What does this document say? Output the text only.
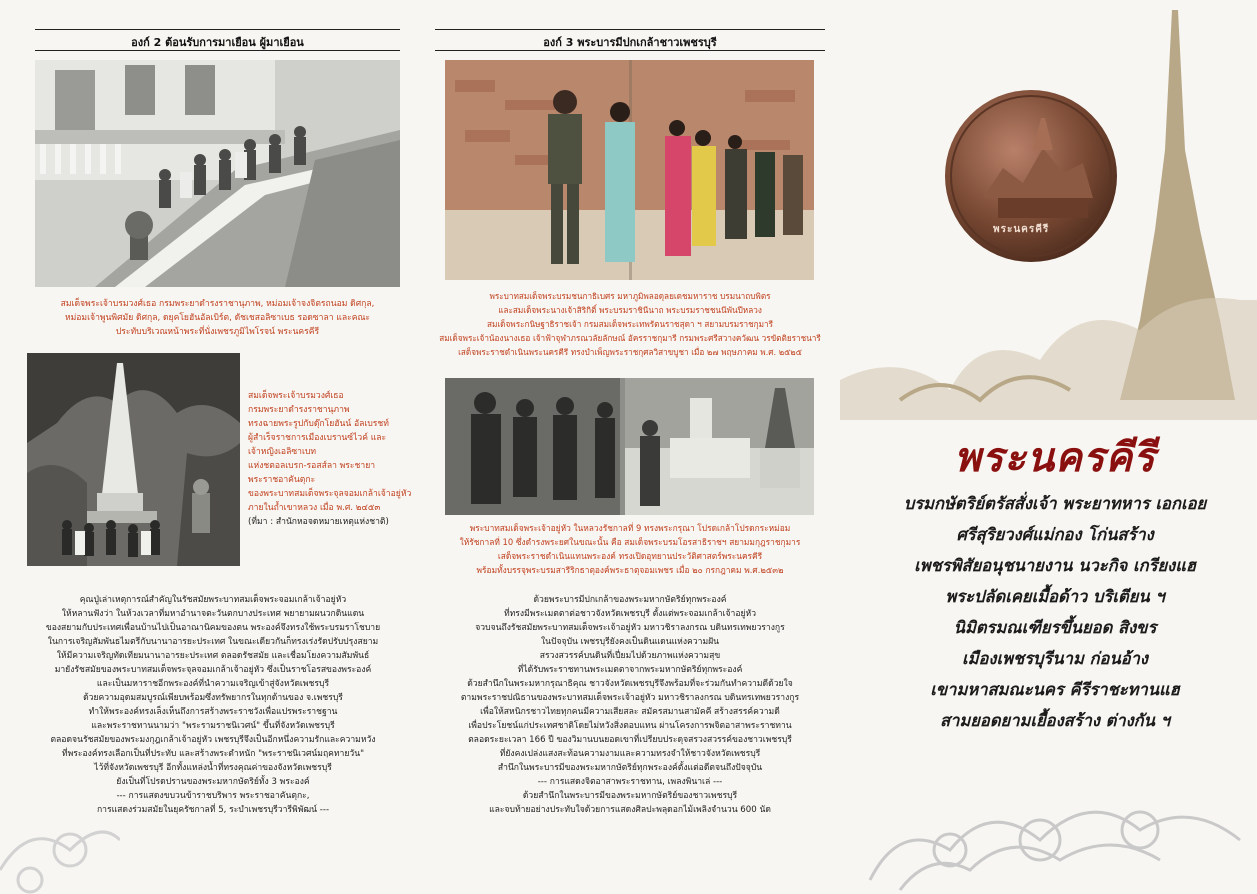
องก์ 2 ต้อนรับการมาเยือน ผู้มาเยือน
สมเด็จพระเจ้าบรมวงศ์เธอ กรมพระยาดำรงราชานุภาพ, หม่อมเจ้าจงจิตรถนอม ดิศกุล,
หม่อมเจ้าพูนพิศมัย ดิศกุล, ดยุคโยฮันอัลเบิร์ต, ดัชเชสอลิซาเบธ รอดซาลา และคณะ
ประทับบริเวณหน้าพระที่นั่งเพชรภูมิไพโรจน์ พระนครคีรี
สมเด็จพระเจ้าบรมวงศ์เธอ
กรมพระยาดำรงราชานุภาพ
ทรงฉายพระรูปกับดุ๊กโยฮันน์ อัลเบรชท์
ผู้สำเร็จราชการเมืองเบรานซ์ไวค์ และ
เจ้าหญิงเอลิซาเบท
แห่งชตอลเบรก-รอสส์ลา พระชายา
พระราชอาคันตุกะ
ของพระบาทสมเด็จพระจุลจอมเกล้าเจ้าอยู่หัว
ภายในถ้ำเขาหลวง เมื่อ พ.ศ. ๒๔๕๓
(ที่มา : สำนักหอจดหมายเหตุแห่งชาติ)
คุณปู่เล่าเหตุการณ์สำคัญในรัชสมัยพระบาทสมเด็จพระจอมเกล้าเจ้าอยู่หัว
ให้หลานฟังว่า ในห้วงเวลาที่มหาอำนาจตะวันตกบางประเทศ พยายามผนวกดินแดน
ของสยามกับประเทศเพื่อนบ้านไปเป็นอาณานิคมของตน พระองค์จึงทรงใช้พระบรมราโชบาย
ในการเจริญสัมพันธไมตรีกับนานาอารยะประเทศ ในขณะเดียวกันก็ทรงเร่งรัดปรับปรุงสยาม
ให้มีความเจริญทัดเทียมนานาอารยะประเทศ ตลอดรัชสมัย และเชื่อมโยงความสัมพันธ์
มายังรัชสมัยของพระบาทสมเด็จพระจุลจอมเกล้าเจ้าอยู่หัว ซึ่งเป็นราชโอรสของพระองค์
และเป็นมหาราชอีกพระองค์ที่นำความเจริญเข้าสู่จังหวัดเพชรบุรี
ด้วยความอุดมสมบูรณ์เพียบพร้อมซึ่งทรัพยากรในทุกด้านของ จ.เพชรบุรี
ทำให้พระองค์ทรงเล็งเห็นถึงการสร้างพระราชวังเพื่อแปรพระราชฐาน
และพระราชทานนามว่า "พระรามราชนิเวศน์" ขึ้นที่จังหวัดเพชรบุรี
ตลอดจนรัชสมัยของพระมงกุฎเกล้าเจ้าอยู่หัว เพชรบุรีจึงเป็นอีกหนึ่งความรักและความหวัง
ที่พระองค์ทรงเลือกเป็นที่ประทับ และสร้างพระตำหนัก "พระราชนิเวศน์มฤคทายวัน"
ไว้ที่จังหวัดเพชรบุรี อีกทั้งแหล่งน้ำที่ทรงคุณค่าของจังหวัดเพชรบุรี
ยังเป็นที่โปรดปรานของพระมหากษัตริย์ทั้ง 3 พระองค์
--- การแสดงขบวนข้าราชบริพาร พระราชอาคันตุกะ,
การแสดงร่วมสมัยในยุครัชกาลที่ 5, ระบำเพชรบุรีวารีพิพัฒน์ ---
องก์ 3 พระบารมีปกเกล้าชาวเพชรบุรี
พระบาทสมเด็จพระบรมชนกาธิเบศร มหาภูมิพลอดุลยเดชมหาราช บรมนาถบพิตร
และสมเด็จพระนางเจ้าสิริกิติ์ พระบรมราชินีนาถ พระบรมราชชนนีพันปีหลวง
สมเด็จพระกนิษฐาธิราชเจ้า กรมสมเด็จพระเทพรัตนราชสุดา ฯ สยามบรมราชกุมารี
สมเด็จพระเจ้าน้องนางเธอ เจ้าฟ้าจุฬาภรณวลัยลักษณ์ อัครราชกุมารี กรมพระศรีสวางควัฒน วรขัตติยราชนารี
เสด็จพระราชดำเนินพระนครคีรี ทรงบำเพ็ญพระราชกุศลวิสาขบูชา เมื่อ ๒๗ พฤษภาคม พ.ศ. ๒๕๒๕
พระบาทสมเด็จพระเจ้าอยู่หัว ในหลวงรัชกาลที่ 9 ทรงพระกรุณา โปรดเกล้าโปรดกระหม่อม
ให้รัชกาลที่ 10 ซึ่งดำรงพระยศในขณะนั้น คือ สมเด็จพระบรมโอรสาธิราชฯ สยามมกุฎราชกุมาร
เสด็จพระราชดำเนินแทนพระองค์ ทรงเปิดอุทยานประวัติศาสตร์พระนครคีรี
พร้อมทั้งบรรจุพระบรมสารีริกธาตุองค์พระธาตุจอมเพชร เมื่อ ๒๐ กรกฎาคม พ.ศ.๒๕๓๒
ด้วยพระบารมีปกเกล้าของพระมหากษัตริย์ทุกพระองค์
ที่ทรงมีพระเมตตาต่อชาวจังหวัดเพชรบุรี ตั้งแต่พระจอมเกล้าเจ้าอยู่หัว
จวบจนถึงรัชสมัยพระบาทสมเด็จพระเจ้าอยู่หัว มหาวชิราลงกรณ บดินทรเทพยวรางกูร
ในปัจจุบัน เพชรบุรียังคงเป็นดินแดนแห่งความฝัน
สรวงสวรรค์บนดินที่เปี่ยมไปด้วยภาพแห่งความสุข
ที่ได้รับพระราชทานพระเมตตาจากพระมหากษัตริย์ทุกพระองค์
ด้วยสำนึกในพระมหากรุณาธิคุณ ชาวจังหวัดเพชรบุรีจึงพร้อมที่จะร่วมกันทำความดีด้วยใจ
ตามพระราชปณิธานของพระบาทสมเด็จพระเจ้าอยู่หัว มหาวชิราลงกรณ บดินทรเทพยวรางกูร
เพื่อให้สหนิกรชาวไทยทุกคนมีความเสียสละ สมัครสมานสามัคคี สร้างสรรค์ความดี
เพื่อประโยชน์แก่ประเทศชาติโดยไม่หวังสิ่งตอบแทน ผ่านโครงการพจิตอาสาพระราชทาน
ตลอดระยะเวลา 166 ปี ของวิมานบนยอดเขาที่เปรียบประดุจสรวงสวรรค์ของชาวเพชรบุรี
ที่ยังคงเปล่งแสงสะท้อนความงามและความทรงจำให้ชาวจังหวัดเพชรบุรี
สำนึกในพระบารมีของพระมหากษัตริย์ทุกพระองค์ตั้งแต่อดีตจนถึงปัจจุบัน
--- การแสดงจิตอาสาพระราชทาน, เพลงพินาเล่ ---
ด้วยสำนึกในพระบารมีของพระมหากษัตริย์ของชาวเพชรบุรี
และจบท้ายอย่างประทับใจด้วยการแสดงศิลปะพลุดอกไม้เพลิงจำนวน 600 นัด
พระนครคีรี
พระนครคีรี
บรมกษัตริย์ตรัสสั่งเจ้า พระยาทหาร เอกเอย
ศรีสุริยวงศ์แม่กอง โก่นสร้าง
เพชรพิสัยอนุชนายงาน นวะกิจ เกรียงแฮ
พระปลัดเคยเมื้อด้าว บริเตียน ฯ
นิมิตรมณเฑียรขึ้นยอด สิงขร
เมืองเพชรบุรีนาม ก่อนอ้าง
เขามหาสมณะนคร คีรีราชะทานแฮ
สามยอดยามเยื้องสร้าง ต่างกัน ฯ
